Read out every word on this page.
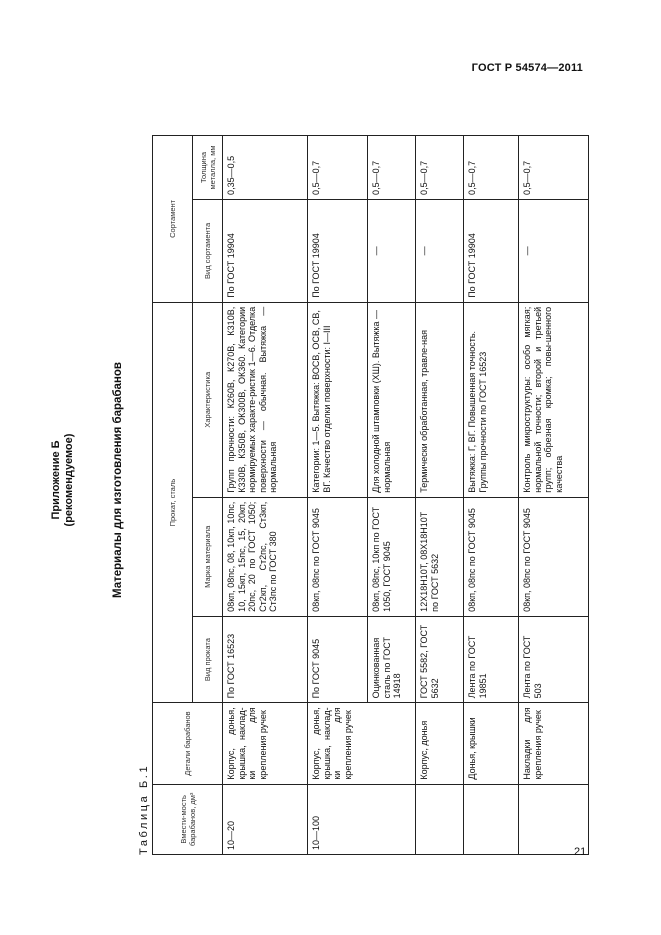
ГОСТ Р 54574—2011
Приложение Б (рекомендуемое)	Материалы для изготовления барабанов
Таблица Б.1	Вмести-мость барабанов, дм³	Детали барабанов	Прокат, сталь			Сортамент	
		Вид проката	Марка материала	Характеристика	Вид сортамента	Толщина металла, мм
10—20	Корпус, донья, крышка, наклад-ки для крепления ручек	По ГОСТ 16523	08кп, 08пс, 08, 10кп, 10пс, 10, 15кп, 15пс, 15, 20кп, 20пс, 20 по ГОСТ 1050; Ст2кп, Ст2пс, Ст3кп, Ст3пс по ГОСТ 380	Групп прочности: К260В, К270В, К310В, К330В, К350В, ОК300В, ОК360. Категории нормируемых характе-ристик 1—6. Отделка поверхности — обычная. Вытяжка — нормальная	По ГОСТ 19904	0,35—0,5
10—100	Корпус, донья, крышка, наклад-ки для крепления ручек	По ГОСТ 9045	08кп, 08пс по ГОСТ 9045	Категории: 1—5. Вытяжка: ВОСВ, ОСВ, СВ, ВГ. Качество отделки поверхности: I—III	По ГОСТ 19904	0,5—0,7
		Оцинкованная сталь по ГОСТ 14918	08кп, 08пс, 10кп по ГОСТ 1050, ГОСТ 9045	Для холодной штамповки (ХШ). Вытяжка — нормальная	—	0,5—0,7
	Корпус, донья	ГОСТ 5582, ГОСТ 5632	12Х18Н10Т, 08Х18Н10Т по ГОСТ 5632	Термически обработанная, травле-ная	—	0,5—0,7
	Донья, крышки	Лента по ГОСТ 19851	08кп, 08пс по ГОСТ 9045	Вытяжка: Г, ВГ. Повышенная точность. Группы прочности по ГОСТ 16523	По ГОСТ 19904	0,5—0,7
	Накладки для крепления ручек	Лента по ГОСТ 503	08кп, 08пс по ГОСТ 9045	Контроль микроструктуры: особо мягкая; нормальной точности; второй и третьей групп; обрезная кромка; повы-шенного качества	—	0,5—0,7
21
